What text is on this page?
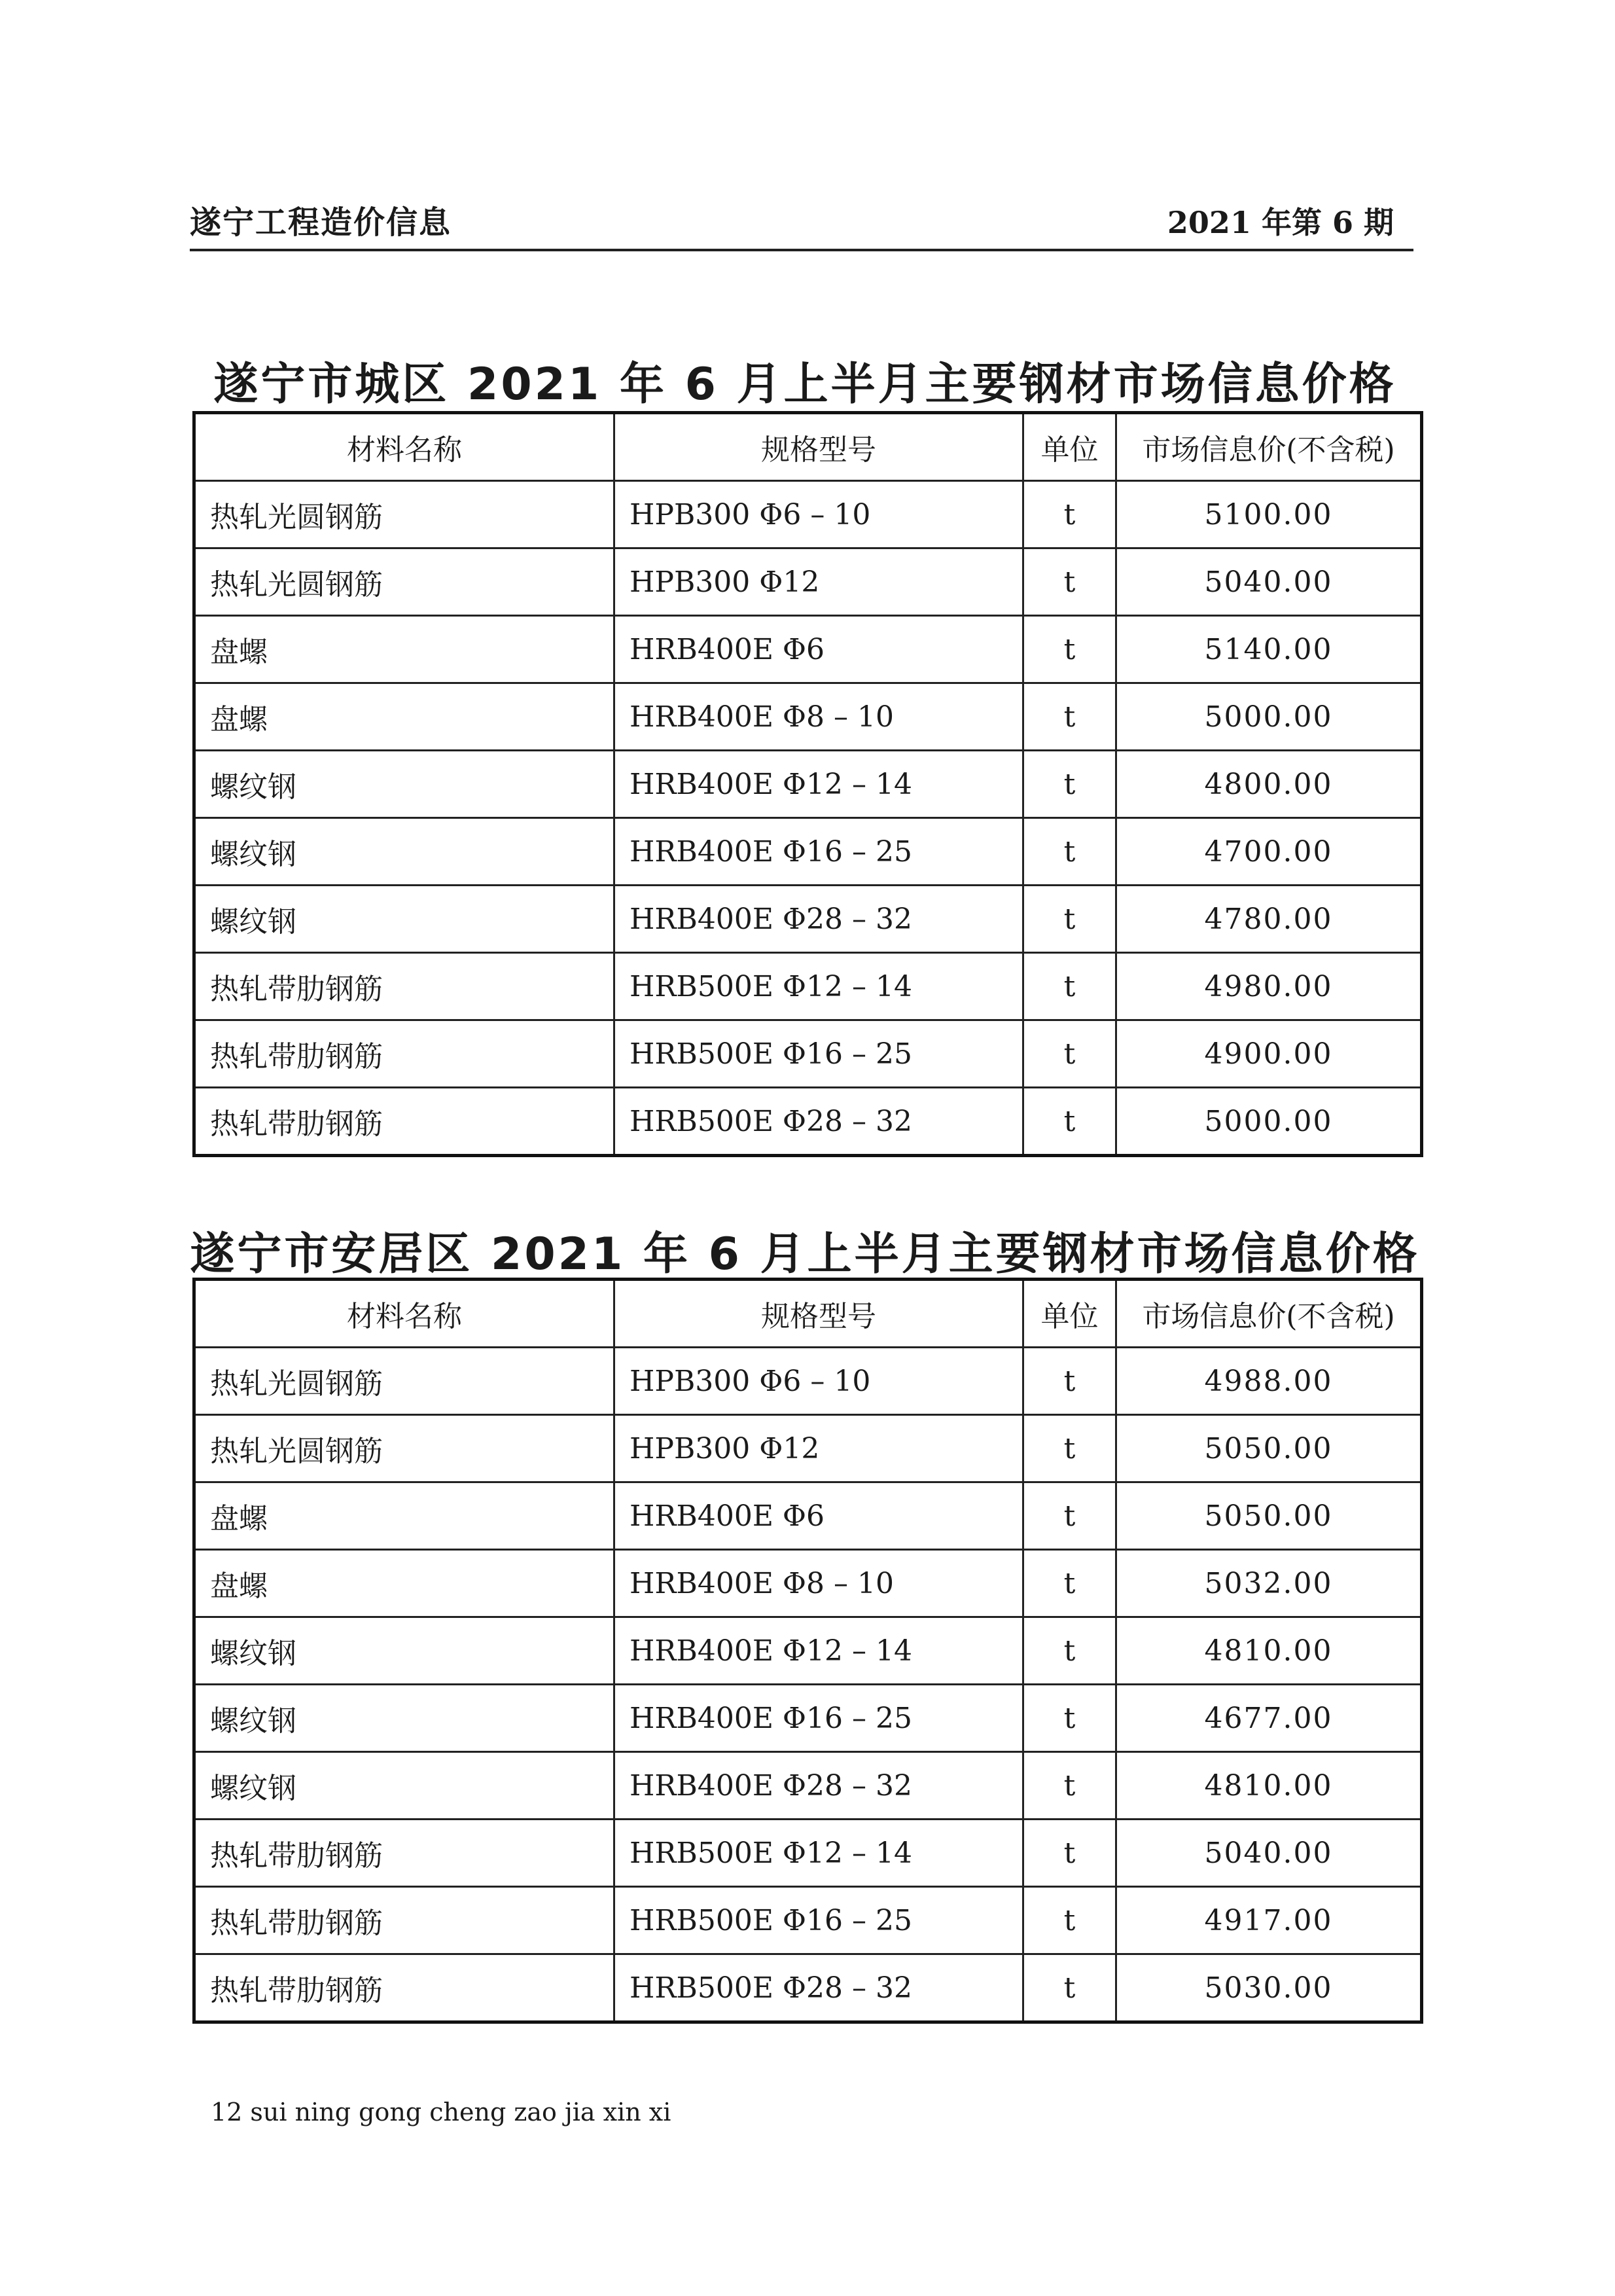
遂宁工程造价信息	2021 年第 6 期
遂宁市城区 2021 年 6 月上半月主要钢材市场信息价格
材料名称	规格型号	单位	市场信息价(不含税)
热轧光圆钢筋	HPB300 Φ6 – 10	t	5100.00
热轧光圆钢筋	HPB300 Φ12	t	5040.00
盘螺	HRB400E Φ6	t	5140.00
盘螺	HRB400E Φ8 – 10	t	5000.00
螺纹钢	HRB400E Φ12 – 14	t	4800.00
螺纹钢	HRB400E Φ16 – 25	t	4700.00
螺纹钢	HRB400E Φ28 – 32	t	4780.00
热轧带肋钢筋	HRB500E Φ12 – 14	t	4980.00
热轧带肋钢筋	HRB500E Φ16 – 25	t	4900.00
热轧带肋钢筋	HRB500E Φ28 – 32	t	5000.00
遂宁市安居区 2021 年 6 月上半月主要钢材市场信息价格
材料名称	规格型号	单位	市场信息价(不含税)
热轧光圆钢筋	HPB300 Φ6 – 10	t	4988.00
热轧光圆钢筋	HPB300 Φ12	t	5050.00
盘螺	HRB400E Φ6	t	5050.00
盘螺	HRB400E Φ8 – 10	t	5032.00
螺纹钢	HRB400E Φ12 – 14	t	4810.00
螺纹钢	HRB400E Φ16 – 25	t	4677.00
螺纹钢	HRB400E Φ28 – 32	t	4810.00
热轧带肋钢筋	HRB500E Φ12 – 14	t	5040.00
热轧带肋钢筋	HRB500E Φ16 – 25	t	4917.00
热轧带肋钢筋	HRB500E Φ28 – 32	t	5030.00
12 sui ning gong cheng zao jia xin xi
